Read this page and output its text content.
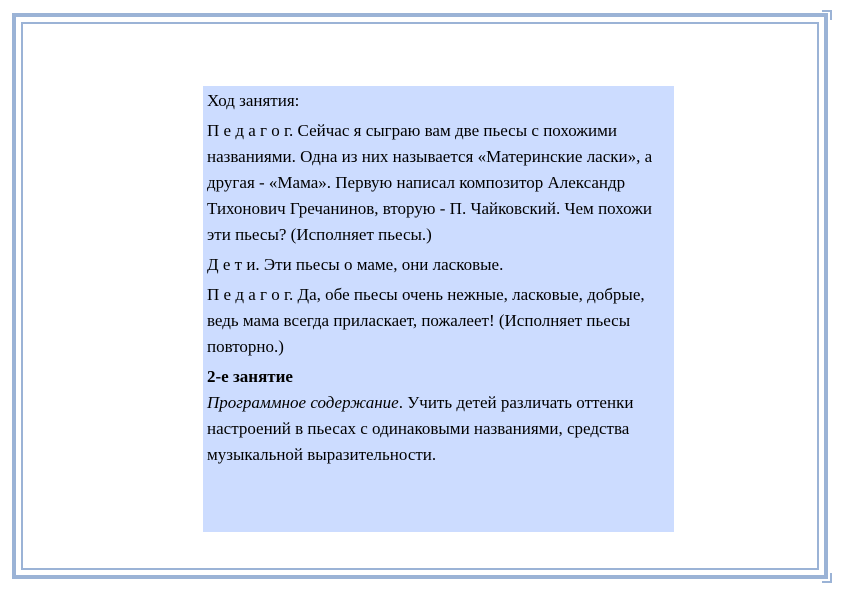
Ход занятия:

П е д а г о г. Сейчас я сыграю вам две пьесы с похожими названиями. Одна из них называется «Материнские ласки», а другая - «Мама». Первую написал композитор Александр Тихонович Гречанинов, вторую - П. Чайковский. Чем похожи эти пьесы? (Исполняет пьесы.)

Д е т и. Эти пьесы о маме, они ласковые.

П е д а г о г. Да, обе пьесы очень нежные, ласковые, добрые, ведь мама всегда приласкает, пожалеет! (Исполняет пьесы повторно.)

2-е занятие

Программное содержание. Учить детей различать оттенки настроений в пьесах с одинаковыми названиями, средства музыкальной выразительности.
